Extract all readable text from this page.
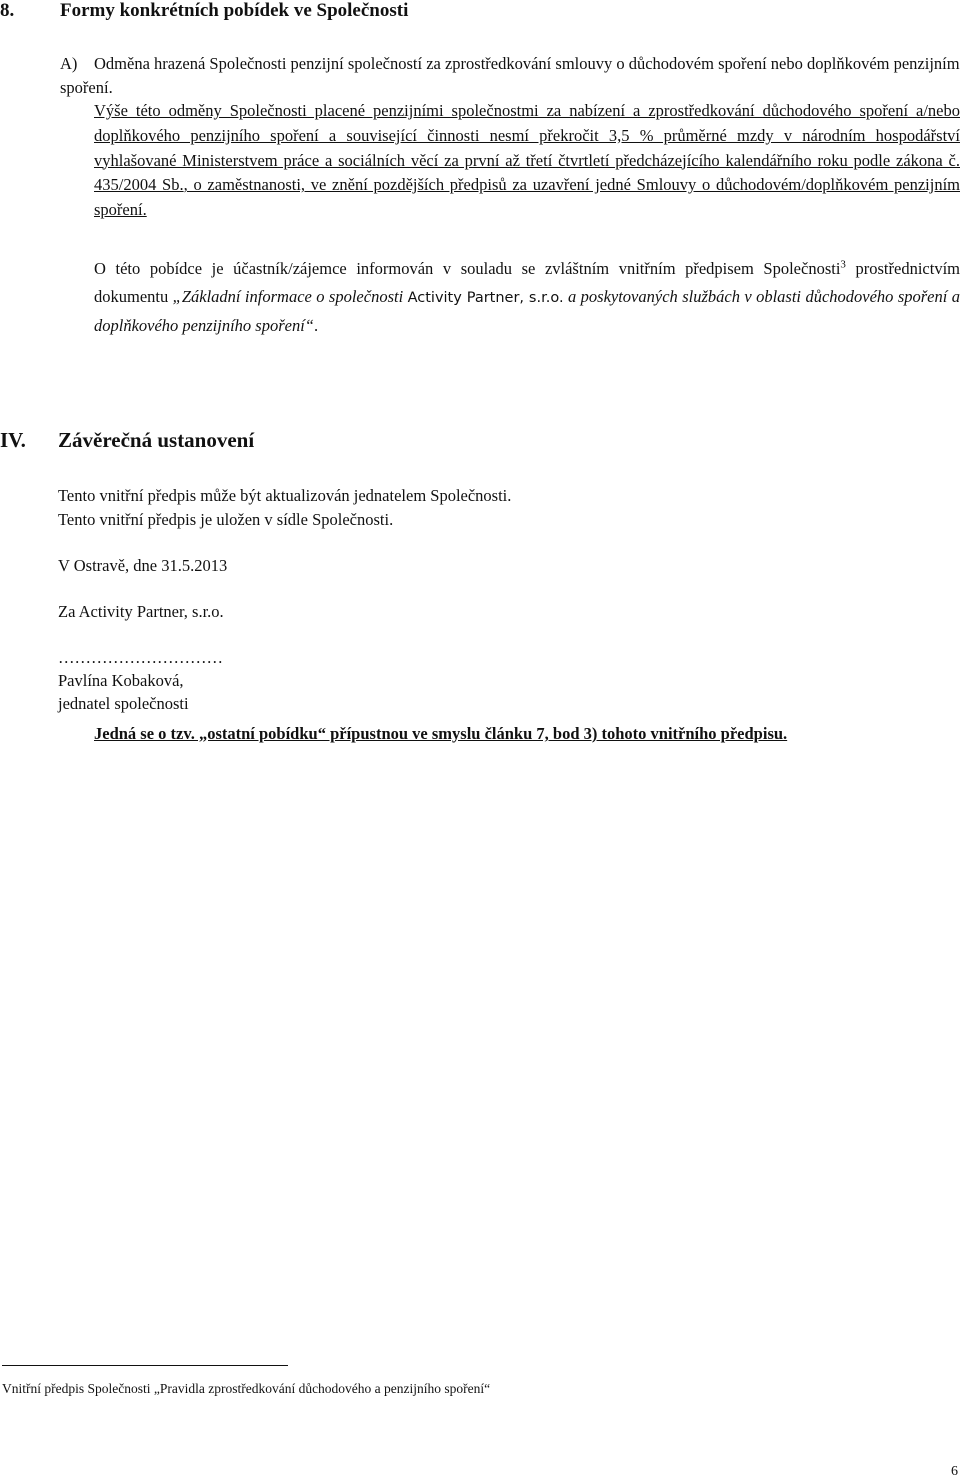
8. Formy konkrétních pobídek ve Společnosti
A) Odměna hrazená Společnosti penzijní společností za zprostředkování smlouvy o důchodovém spoření nebo doplňkovém penzijním spoření.
Výše této odměny Společnosti placené penzijními společnostmi za nabízení a zprostředkování důchodového spoření a/nebo doplňkového penzijního spoření a související činnosti nesmí překročit 3,5 % průměrné mzdy v národním hospodářství vyhlašované Ministerstvem práce a sociálních věcí za první až třetí čtvrtletí předcházejícího kalendářního roku podle zákona č. 435/2004 Sb., o zaměstnanosti, ve znění pozdějších předpisů za uzavření jedné Smlouvy o důchodovém/doplňkovém penzijním spoření.
O této pobídce je účastník/zájemce informován v souladu se zvláštním vnitřním předpisem Společnosti$^3$ prostřednictvím dokumentu „Základní informace o společnosti Activity Partner, s.r.o. a poskytovaných službách v oblasti důchodového spoření a doplňkového penzijního spoření“.
Jedná se o tzv. „ostatní pobídku“ přípustnou ve smyslu článku 7, bod 3) tohoto vnitřního předpisu.
IV. Závěrečná ustanovení
Tento vnitřní předpis může být aktualizován jednatelem Společnosti.
Tento vnitřní předpis je uložen v sídle Společnosti.
V Ostravě, dne 31.5.2013
Za Activity Partner, s.r.o.
…………………………
Pavlína Kobaková,
jednatel společnosti
Vnitřní předpis Společnosti „Pravidla zprostředkování důchodového a penzijního spoření“
6
